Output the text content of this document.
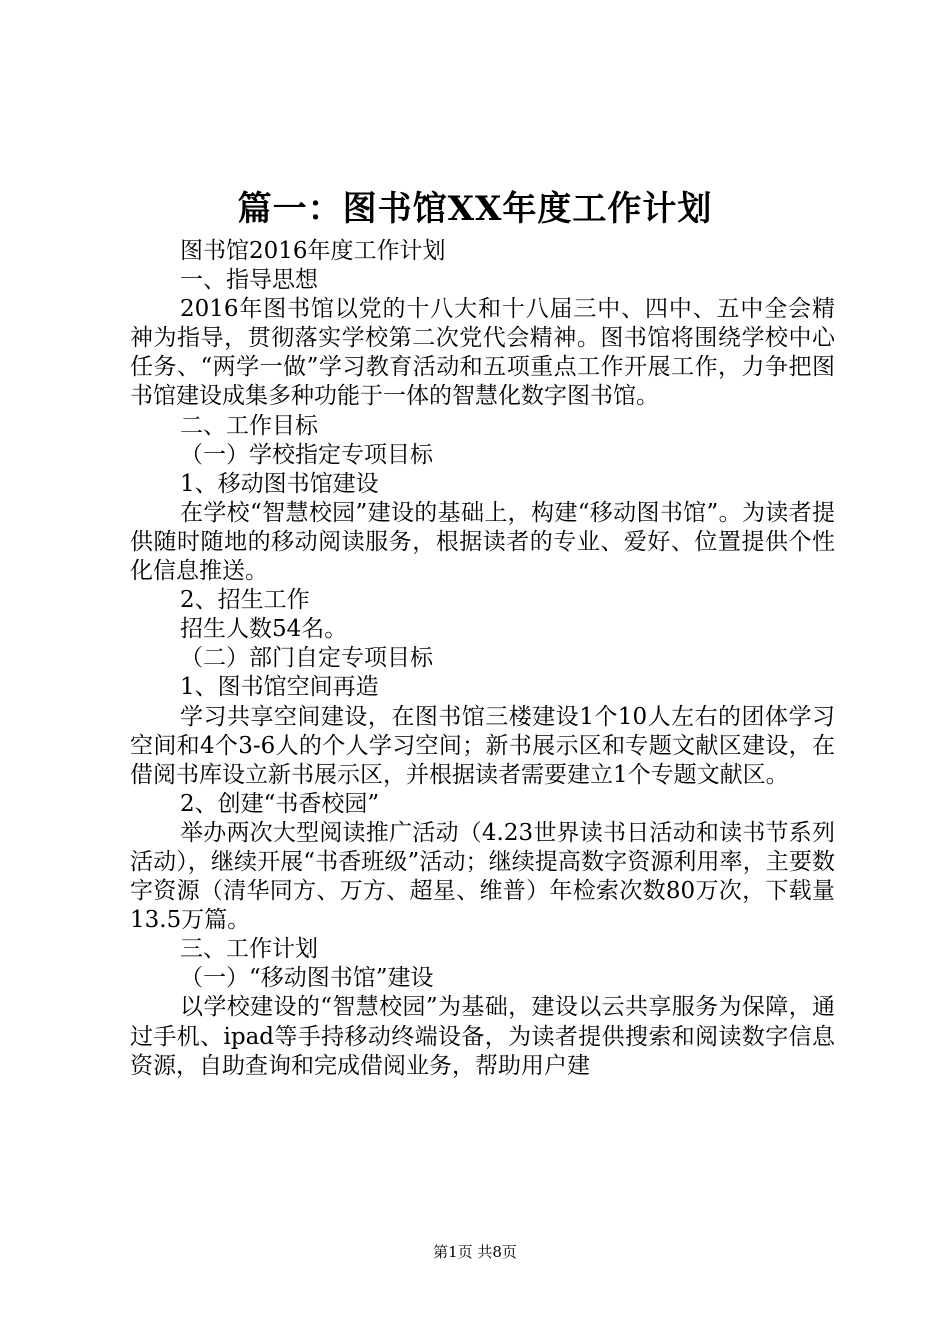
篇一：图书馆XX年度工作计划

图书馆2016年度工作计划

一、指导思想

2016年图书馆以党的十八大和十八届三中、四中、五中全会精神为指导，贯彻落实学校第二次党代会精神。图书馆将围绕学校中心任务、“两学一做”学习教育活动和五项重点工作开展工作，力争把图书馆建设成集多种功能于一体的智慧化数字图书馆。

二、工作目标

（一）学校指定专项目标

1、移动图书馆建设

在学校“智慧校园”建设的基础上，构建“移动图书馆”。为读者提供随时随地的移动阅读服务，根据读者的专业、爱好、位置提供个性化信息推送。

2、招生工作

招生人数54名。

（二）部门自定专项目标

1、图书馆空间再造

学习共享空间建设，在图书馆三楼建设1个10人左右的团体学习空间和4个3-6人的个人学习空间；新书展示区和专题文献区建设，在借阅书库设立新书展示区，并根据读者需要建立1个专题文献区。

2、创建“书香校园”

举办两次大型阅读推广活动（4.23世界读书日活动和读书节系列活动），继续开展“书香班级”活动；继续提高数字资源利用率，主要数字资源（清华同方、万方、超星、维普）年检索次数80万次，下载量13.5万篇。

三、工作计划

（一）“移动图书馆”建设

以学校建设的“智慧校园”为基础，建设以云共享服务为保障，通过手机、ipad等手持移动终端设备，为读者提供搜索和阅读数字信息资源，自助查询和完成借阅业务，帮助用户建

第1页 共8页
